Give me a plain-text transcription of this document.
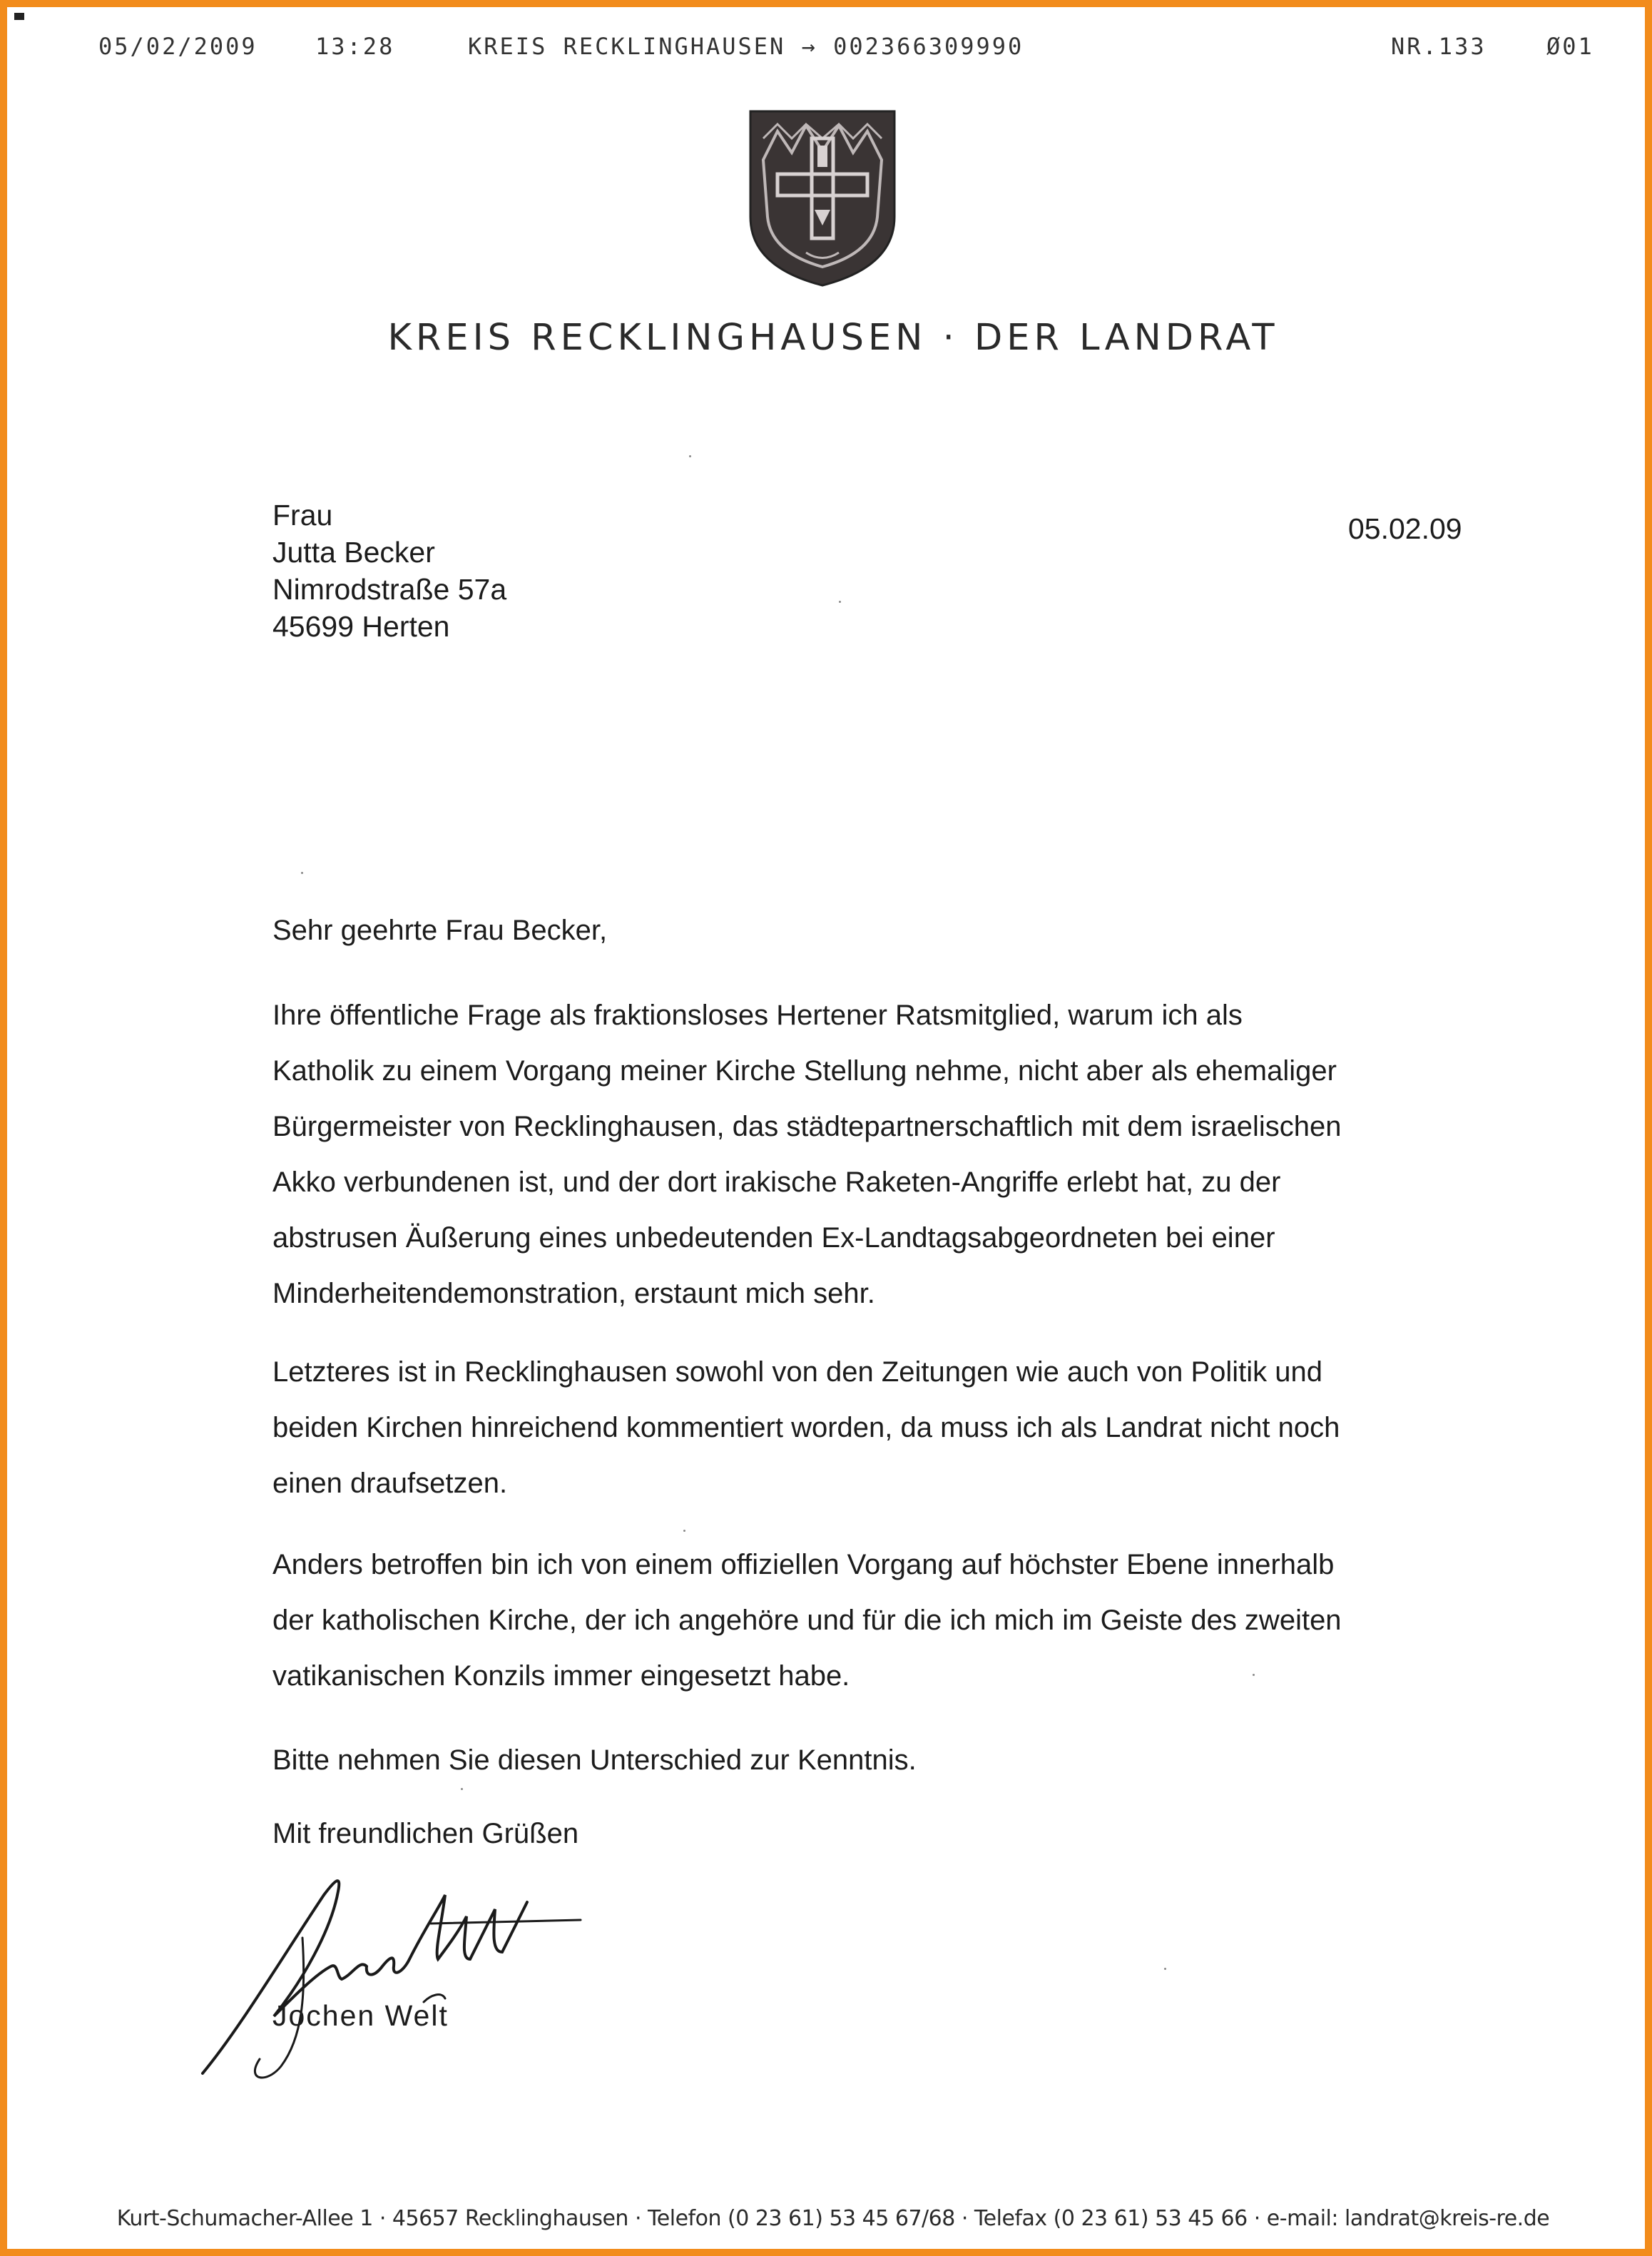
05/02/2009	13:28	KREIS RECKLINGHAUSEN → 002366309990	NR.133	Ø01
KREIS RECKLINGHAUSEN · DER LANDRAT
Frau
Jutta Becker
Nimrodstraße 57a
45699 Herten
05.02.09
Sehr geehrte Frau Becker,
Ihre öffentliche Frage als fraktionsloses Hertener Ratsmitglied, warum ich als
Katholik zu einem Vorgang meiner Kirche Stellung nehme, nicht aber als ehemaliger
Bürgermeister von Recklinghausen, das städtepartnerschaftlich mit dem israelischen
Akko verbundenen ist, und der dort irakische Raketen-Angriffe erlebt hat, zu der
abstrusen Äußerung eines unbedeutenden Ex-Landtagsabgeordneten bei einer
Minderheitendemonstration, erstaunt mich sehr.
Letzteres ist in Recklinghausen sowohl von den Zeitungen wie auch von Politik und
beiden Kirchen hinreichend kommentiert worden, da muss ich als Landrat nicht noch
einen draufsetzen.
Anders betroffen bin ich von einem offiziellen Vorgang auf höchster Ebene innerhalb
der katholischen Kirche, der ich angehöre und für die ich mich im Geiste des zweiten
vatikanischen Konzils immer eingesetzt habe.
Bitte nehmen Sie diesen Unterschied zur Kenntnis.
Mit freundlichen Grüßen
Jochen Welt
Kurt-Schumacher-Allee 1 · 45657 Recklinghausen · Telefon (0 23 61) 53 45 67/68 · Telefax (0 23 61) 53 45 66 · e-mail: landrat@kreis-re.de
